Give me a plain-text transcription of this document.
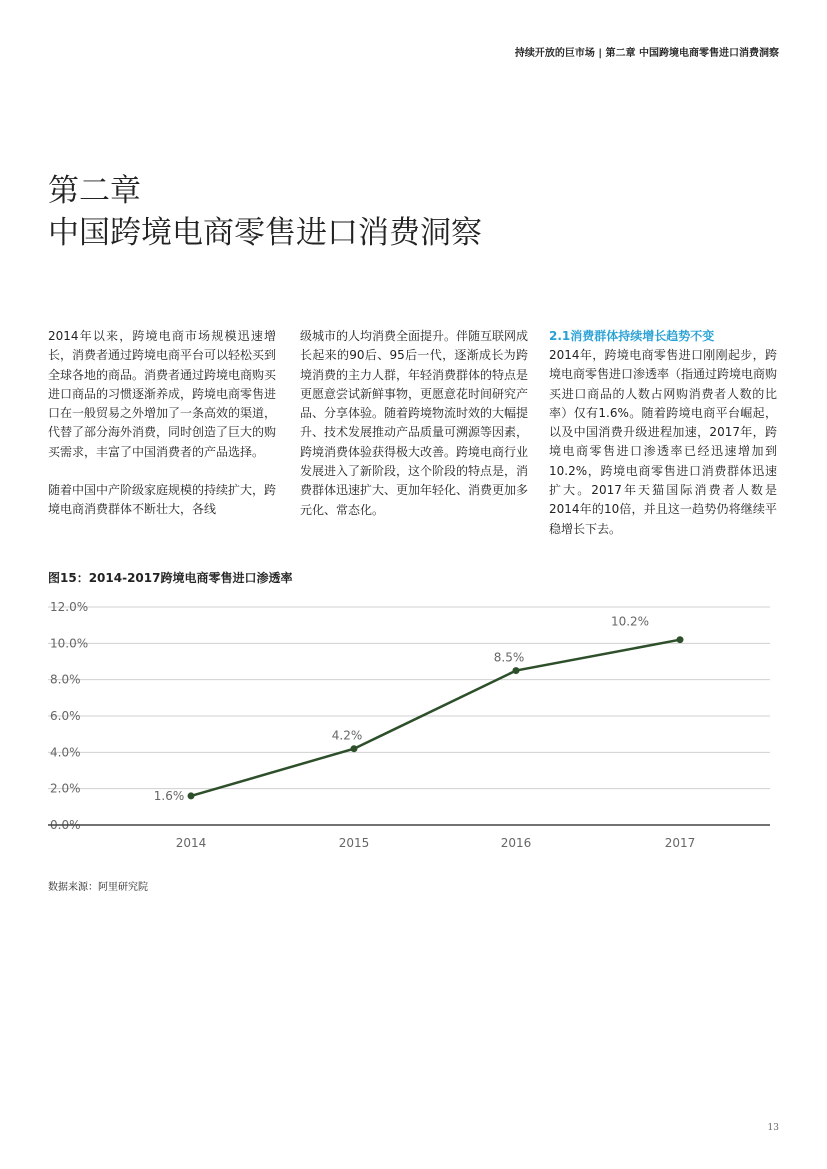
持续开放的巨市场 | 第二章 中国跨境电商零售进口消费洞察
第二章
中国跨境电商零售进口消费洞察

2014年以来，跨境电商市场规模迅速增长，消费者通过跨境电商平台可以轻松买到全球各地的商品。消费者通过跨境电商购买进口商品的习惯逐渐养成，跨境电商零售进口在一般贸易之外增加了一条高效的渠道，代替了部分海外消费，同时创造了巨大的购买需求，丰富了中国消费者的产品选择。

随着中国中产阶级家庭规模的持续扩大，跨境电商消费群体不断壮大，各线

级城市的人均消费全面提升。伴随互联网成长起来的90后、95后一代，逐渐成长为跨境消费的主力人群，年轻消费群体的特点是更愿意尝试新鲜事物，更愿意花时间研究产品、分享体验。随着跨境物流时效的大幅提升、技术发展推动产品质量可溯源等因素，跨境消费体验获得极大改善。跨境电商行业发展进入了新阶段，这个阶段的特点是，消费群体迅速扩大、更加年轻化、消费更加多元化、常态化。

2.1消费群体持续增长趋势不变

2014年，跨境电商零售进口刚刚起步，跨境电商零售进口渗透率（指通过跨境电商购买进口商品的人数占网购消费者人数的比率）仅有1.6%。随着跨境电商平台崛起，以及中国消费升级进程加速，2017年，跨境电商零售进口渗透率已经迅速增加到10.2%，跨境电商零售进口消费群体迅速扩大。2017年天猫国际消费者人数是2014年的10倍，并且这一趋势仍将继续平稳增长下去。

图15：2014-2017跨境电商零售进口渗透率
0.0%
2.0%
4.0%
6.0%
8.0%
10.0%
12.0%
2014	2015	2016	2017
1.6%
4.2%
8.5%
10.2%
数据来源：阿里研究院
13
